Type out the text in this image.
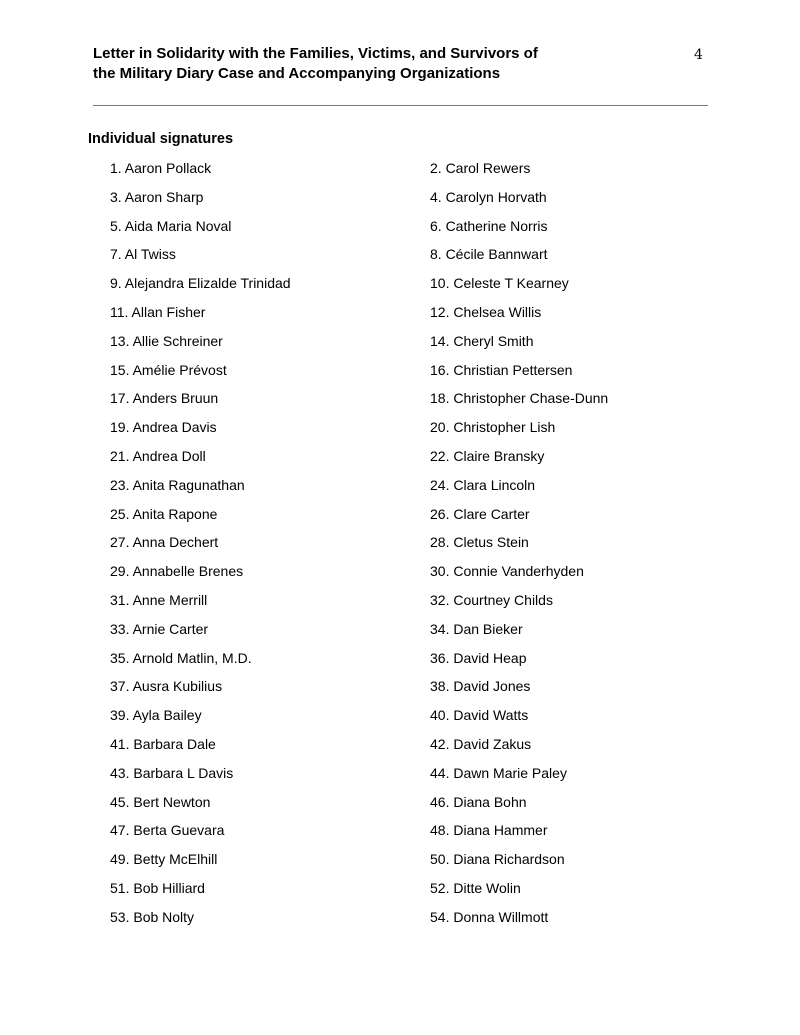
Letter in Solidarity with the Families, Victims, and Survivors of
the Military Diary Case and Accompanying Organizations
4
Individual signatures
1. Aaron Pollack	2. Carol Rewers
3. Aaron Sharp	4. Carolyn Horvath
5. Aida Maria Noval	6. Catherine Norris
7. Al Twiss	8. Cécile Bannwart
9. Alejandra Elizalde Trinidad	10. Celeste T Kearney
11. Allan Fisher	12. Chelsea Willis
13. Allie Schreiner	14. Cheryl Smith
15. Amélie Prévost	16. Christian Pettersen
17. Anders Bruun	18. Christopher Chase-Dunn
19. Andrea Davis	20. Christopher Lish
21. Andrea Doll	22. Claire Bransky
23. Anita Ragunathan	24. Clara Lincoln
25. Anita Rapone	26. Clare Carter
27. Anna Dechert	28. Cletus Stein
29. Annabelle Brenes	30. Connie Vanderhyden
31. Anne Merrill	32. Courtney Childs
33. Arnie Carter	34. Dan Bieker
35. Arnold Matlin, M.D.	36. David Heap
37. Ausra Kubilius	38. David Jones
39. Ayla Bailey	40. David Watts
41. Barbara Dale	42. David Zakus
43. Barbara L Davis	44. Dawn Marie Paley
45. Bert Newton	46. Diana Bohn
47. Berta Guevara	48. Diana Hammer
49. Betty McElhill	50. Diana Richardson
51. Bob Hilliard	52. Ditte Wolin
53. Bob Nolty	54. Donna Willmott
